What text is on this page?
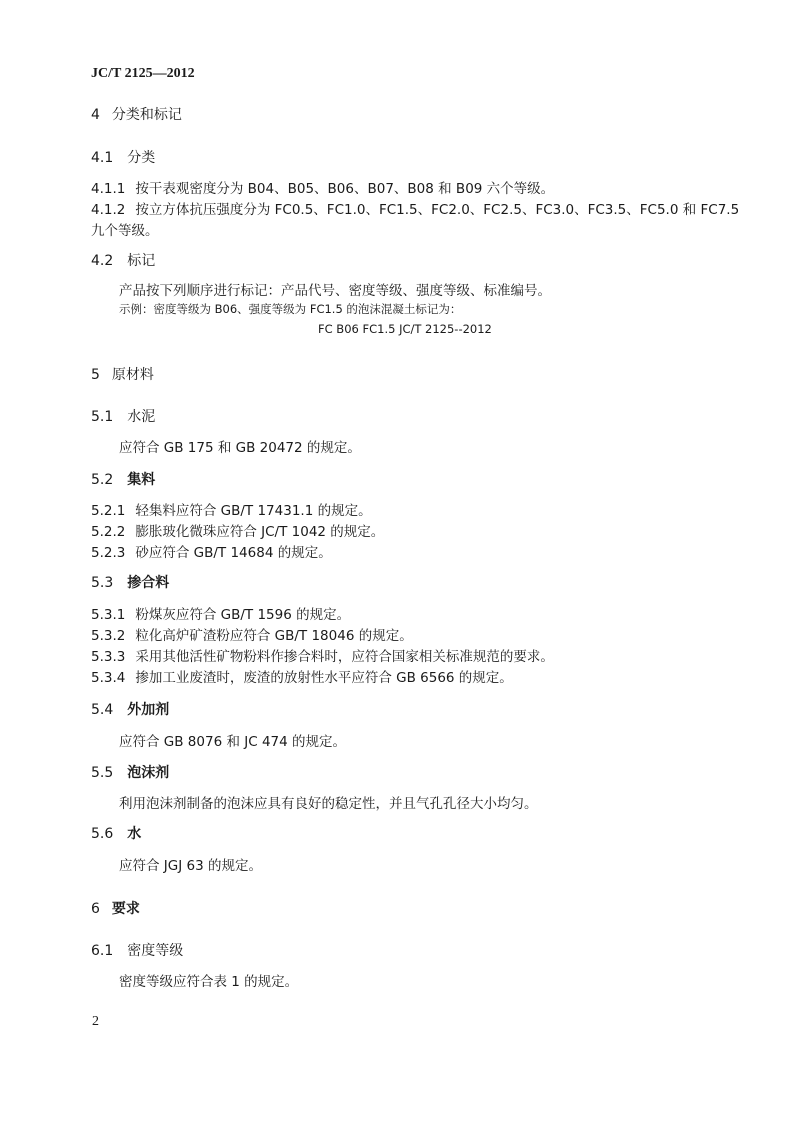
JC/T 2125—2012
4 分类和标记
4.1 分类
4.1.1 按干表观密度分为 B04、B05、B06、B07、B08 和 B09 六个等级。
4.1.2 按立方体抗压强度分为 FC0.5、FC1.0、FC1.5、FC2.0、FC2.5、FC3.0、FC3.5、FC5.0 和 FC7.5
九个等级。
4.2 标记
产品按下列顺序进行标记：产品代号、密度等级、强度等级、标准编号。
示例：密度等级为 B06、强度等级为 FC1.5 的泡沫混凝土标记为：
FC B06 FC1.5 JC/T 2125--2012
5 原材料
5.1 水泥
应符合 GB 175 和 GB 20472 的规定。
5.2 集料
5.2.1 轻集料应符合 GB/T 17431.1 的规定。
5.2.2 膨胀玻化微珠应符合 JC/T 1042 的规定。
5.2.3 砂应符合 GB/T 14684 的规定。
5.3 掺合料
5.3.1 粉煤灰应符合 GB/T 1596 的规定。
5.3.2 粒化高炉矿渣粉应符合 GB/T 18046 的规定。
5.3.3 采用其他活性矿物粉料作掺合料时，应符合国家相关标准规范的要求。
5.3.4 掺加工业废渣时，废渣的放射性水平应符合 GB 6566 的规定。
5.4 外加剂
应符合 GB 8076 和 JC 474 的规定。
5.5 泡沫剂
利用泡沫剂制备的泡沫应具有良好的稳定性，并且气孔孔径大小均匀。
5.6 水
应符合 JGJ 63 的规定。
6 要求
6.1 密度等级
密度等级应符合表 1 的规定。
2
